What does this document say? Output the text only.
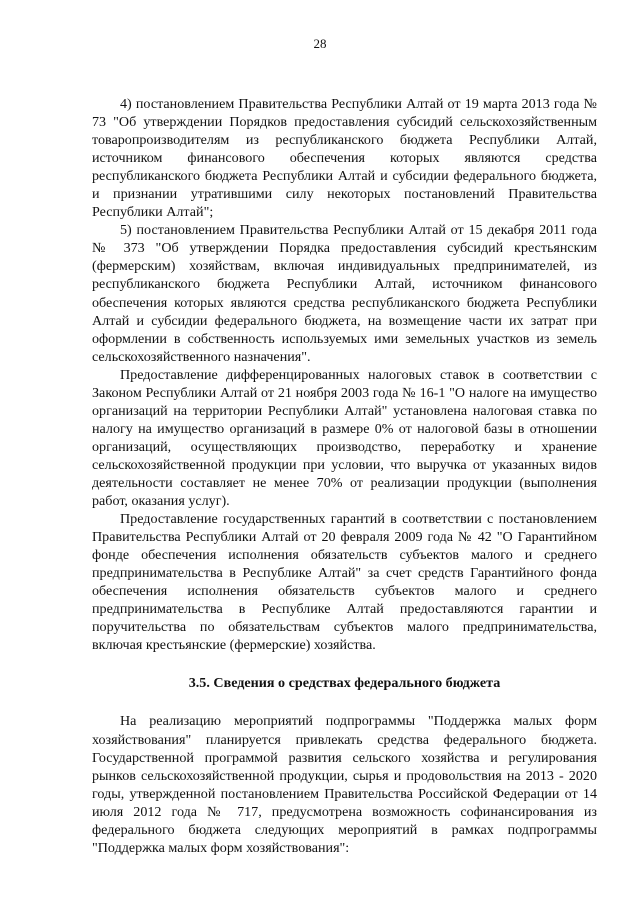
28

4) постановлением Правительства Республики Алтай от 19 марта 2013 года № 73 "Об утверждении Порядков предоставления субсидий сельскохозяйственным товаропроизводителям из республиканского бюджета Республики Алтай, источником финансового обеспечения которых являются средства республиканского бюджета Республики Алтай и субсидии федерального бюджета, и признании утратившими силу некоторых постановлений Правительства Республики Алтай";

5) постановлением Правительства Республики Алтай от 15 декабря 2011 года № 373 "Об утверждении Порядка предоставления субсидий крестьянским (фермерским) хозяйствам, включая индивидуальных предпринимателей, из республиканского бюджета Республики Алтай, источником финансового обеспечения которых являются средства республиканского бюджета Республики Алтай и субсидии федерального бюджета, на возмещение части их затрат при оформлении в собственность используемых ими земельных участков из земель сельскохозяйственного назначения".

Предоставление дифференцированных налоговых ставок в соответствии с Законом Республики Алтай от 21 ноября 2003 года № 16-1 "О налоге на имущество организаций на территории Республики Алтай" установлена налоговая ставка по налогу на имущество организаций в размере 0% от налоговой базы в отношении организаций, осуществляющих производство, переработку и хранение сельскохозяйственной продукции при условии, что выручка от указанных видов деятельности составляет не менее 70% от реализации продукции (выполнения работ, оказания услуг).

Предоставление государственных гарантий в соответствии с постановлением Правительства Республики Алтай от 20 февраля 2009 года № 42 "О Гарантийном фонде обеспечения исполнения обязательств субъектов малого и среднего предпринимательства в Республике Алтай" за счет средств Гарантийного фонда обеспечения исполнения обязательств субъектов малого и среднего предпринимательства в Республике Алтай предоставляются гарантии и поручительства по обязательствам субъектов малого предпринимательства, включая крестьянские (фермерские) хозяйства.

3.5. Сведения о средствах федерального бюджета

На реализацию мероприятий подпрограммы "Поддержка малых форм хозяйствования" планируется привлекать средства федерального бюджета. Государственной программой развития сельского хозяйства и регулирования рынков сельскохозяйственной продукции, сырья и продовольствия на 2013 - 2020 годы, утвержденной постановлением Правительства Российской Федерации от 14 июля 2012 года № 717, предусмотрена возможность софинансирования из федерального бюджета следующих мероприятий в рамках подпрограммы "Поддержка малых форм хозяйствования":
